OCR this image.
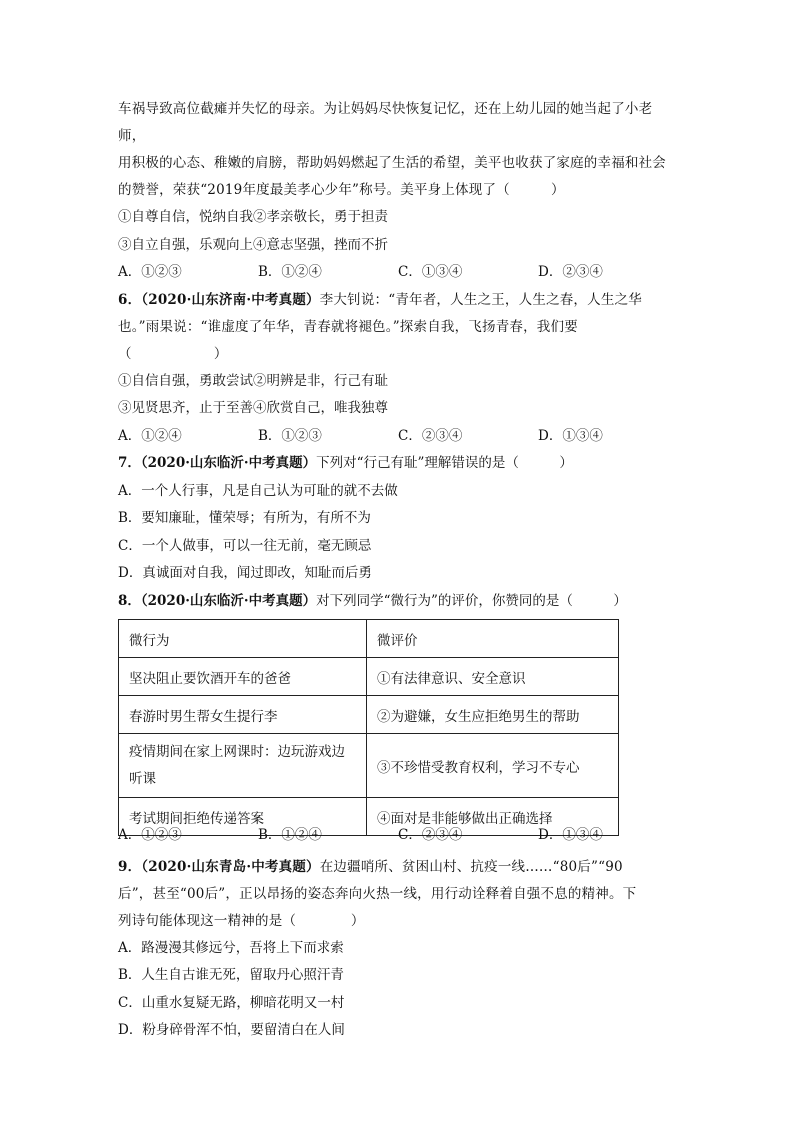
车祸导致高位截瘫并失忆的母亲。为让妈妈尽快恢复记忆，还在上幼儿园的她当起了小老师，
用积极的心态、稚嫩的肩膀，帮助妈妈燃起了生活的希望，美平也收获了家庭的幸福和社会
的赞誉，荣获“2019年度最美孝心少年”称号。美平身上体现了（　　　）
①自尊自信，悦纳自我②孝亲敬长，勇于担责
③自立自强，乐观向上④意志坚强，挫而不折
A．①②③	B．①②④	C．①③④	D．②③④
6．（2020·山东济南·中考真题）李大钊说：“青年者，人生之王，人生之春，人生之华
也。”雨果说：“谁虚度了年华，青春就将褪色。”探索自我，飞扬青春，我们要
（　　　　　　）
①自信自强，勇敢尝试②明辨是非，行己有耻
③见贤思齐，止于至善④欣赏自己，唯我独尊
A．①②④	B．①②③	C．②③④	D．①③④
7．（2020·山东临沂·中考真题）下列对“行己有耻”理解错误的是（　　　）
A．一个人行事，凡是自己认为可耻的就不去做
B．要知廉耻，懂荣辱；有所为，有所不为
C．一个人做事，可以一往无前，毫无顾忌
D．真诚面对自我，闻过即改，知耻而后勇
8．（2020·山东临沂·中考真题）对下列同学“微行为”的评价，你赞同的是（　　　）
微行为	微评价
坚决阻止要饮酒开车的爸爸	①有法律意识、安全意识
春游时男生帮女生提行李	②为避嫌，女生应拒绝男生的帮助
疫情期间在家上网课时：边玩游戏边听课	③不珍惜受教育权利，学习不专心
考试期间拒绝传递答案	④面对是非能够做出正确选择
A．①②③	B．①②④	C．②③④	D．①③④
9．（2020·山东青岛·中考真题）在边疆哨所、贫困山村、抗疫一线……“80后”“90
后”，甚至“00后”，正以昂扬的姿态奔向火热一线，用行动诠释着自强不息的精神。下
列诗句能体现这一精神的是（　　　　）
A．路漫漫其修远兮，吾将上下而求索
B．人生自古谁无死，留取丹心照汗青
C．山重水复疑无路，柳暗花明又一村
D．粉身碎骨浑不怕，要留清白在人间
